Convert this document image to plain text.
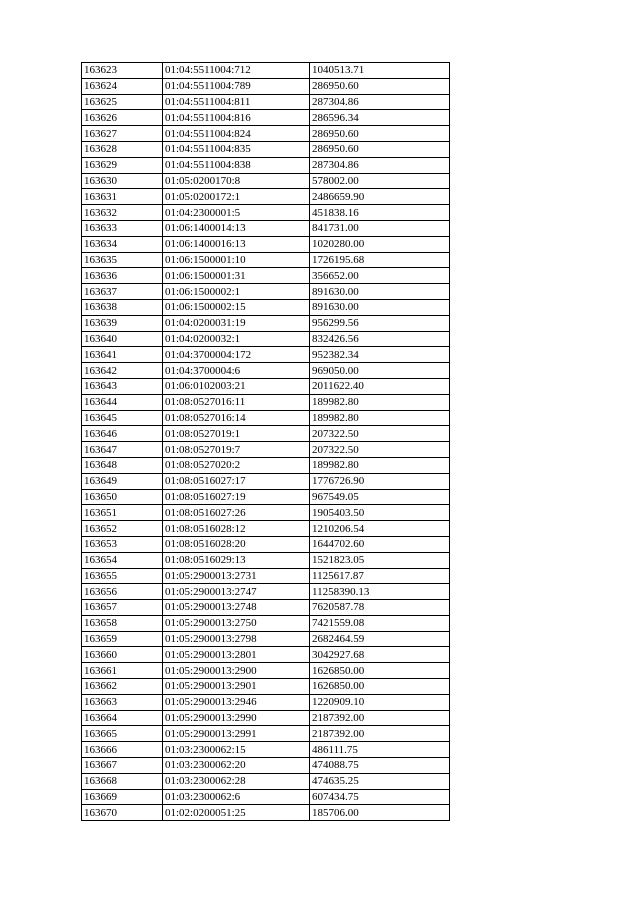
163623	01:04:5511004:712	1040513.71
163624	01:04:5511004:789	286950.60
163625	01:04:5511004:811	287304.86
163626	01:04:5511004:816	286596.34
163627	01:04:5511004:824	286950.60
163628	01:04:5511004:835	286950.60
163629	01:04:5511004:838	287304.86
163630	01:05:0200170:8	578002.00
163631	01:05:0200172:1	2486659.90
163632	01:04:2300001:5	451838.16
163633	01:06:1400014:13	841731.00
163634	01:06:1400016:13	1020280.00
163635	01:06:1500001:10	1726195.68
163636	01:06:1500001:31	356652.00
163637	01:06:1500002:1	891630.00
163638	01:06:1500002:15	891630.00
163639	01:04:0200031:19	956299.56
163640	01:04:0200032:1	832426.56
163641	01:04:3700004:172	952382.34
163642	01:04:3700004:6	969050.00
163643	01:06:0102003:21	2011622.40
163644	01:08:0527016:11	189982.80
163645	01:08:0527016:14	189982.80
163646	01:08:0527019:1	207322.50
163647	01:08:0527019:7	207322.50
163648	01:08:0527020:2	189982.80
163649	01:08:0516027:17	1776726.90
163650	01:08:0516027:19	967549.05
163651	01:08:0516027:26	1905403.50
163652	01:08:0516028:12	1210206.54
163653	01:08:0516028:20	1644702.60
163654	01:08:0516029:13	1521823.05
163655	01:05:2900013:2731	1125617.87
163656	01:05:2900013:2747	11258390.13
163657	01:05:2900013:2748	7620587.78
163658	01:05:2900013:2750	7421559.08
163659	01:05:2900013:2798	2682464.59
163660	01:05:2900013:2801	3042927.68
163661	01:05:2900013:2900	1626850.00
163662	01:05:2900013:2901	1626850.00
163663	01:05:2900013:2946	1220909.10
163664	01:05:2900013:2990	2187392.00
163665	01:05:2900013:2991	2187392.00
163666	01:03:2300062:15	486111.75
163667	01:03:2300062:20	474088.75
163668	01:03:2300062:28	474635.25
163669	01:03:2300062:6	607434.75
163670	01:02:0200051:25	185706.00
